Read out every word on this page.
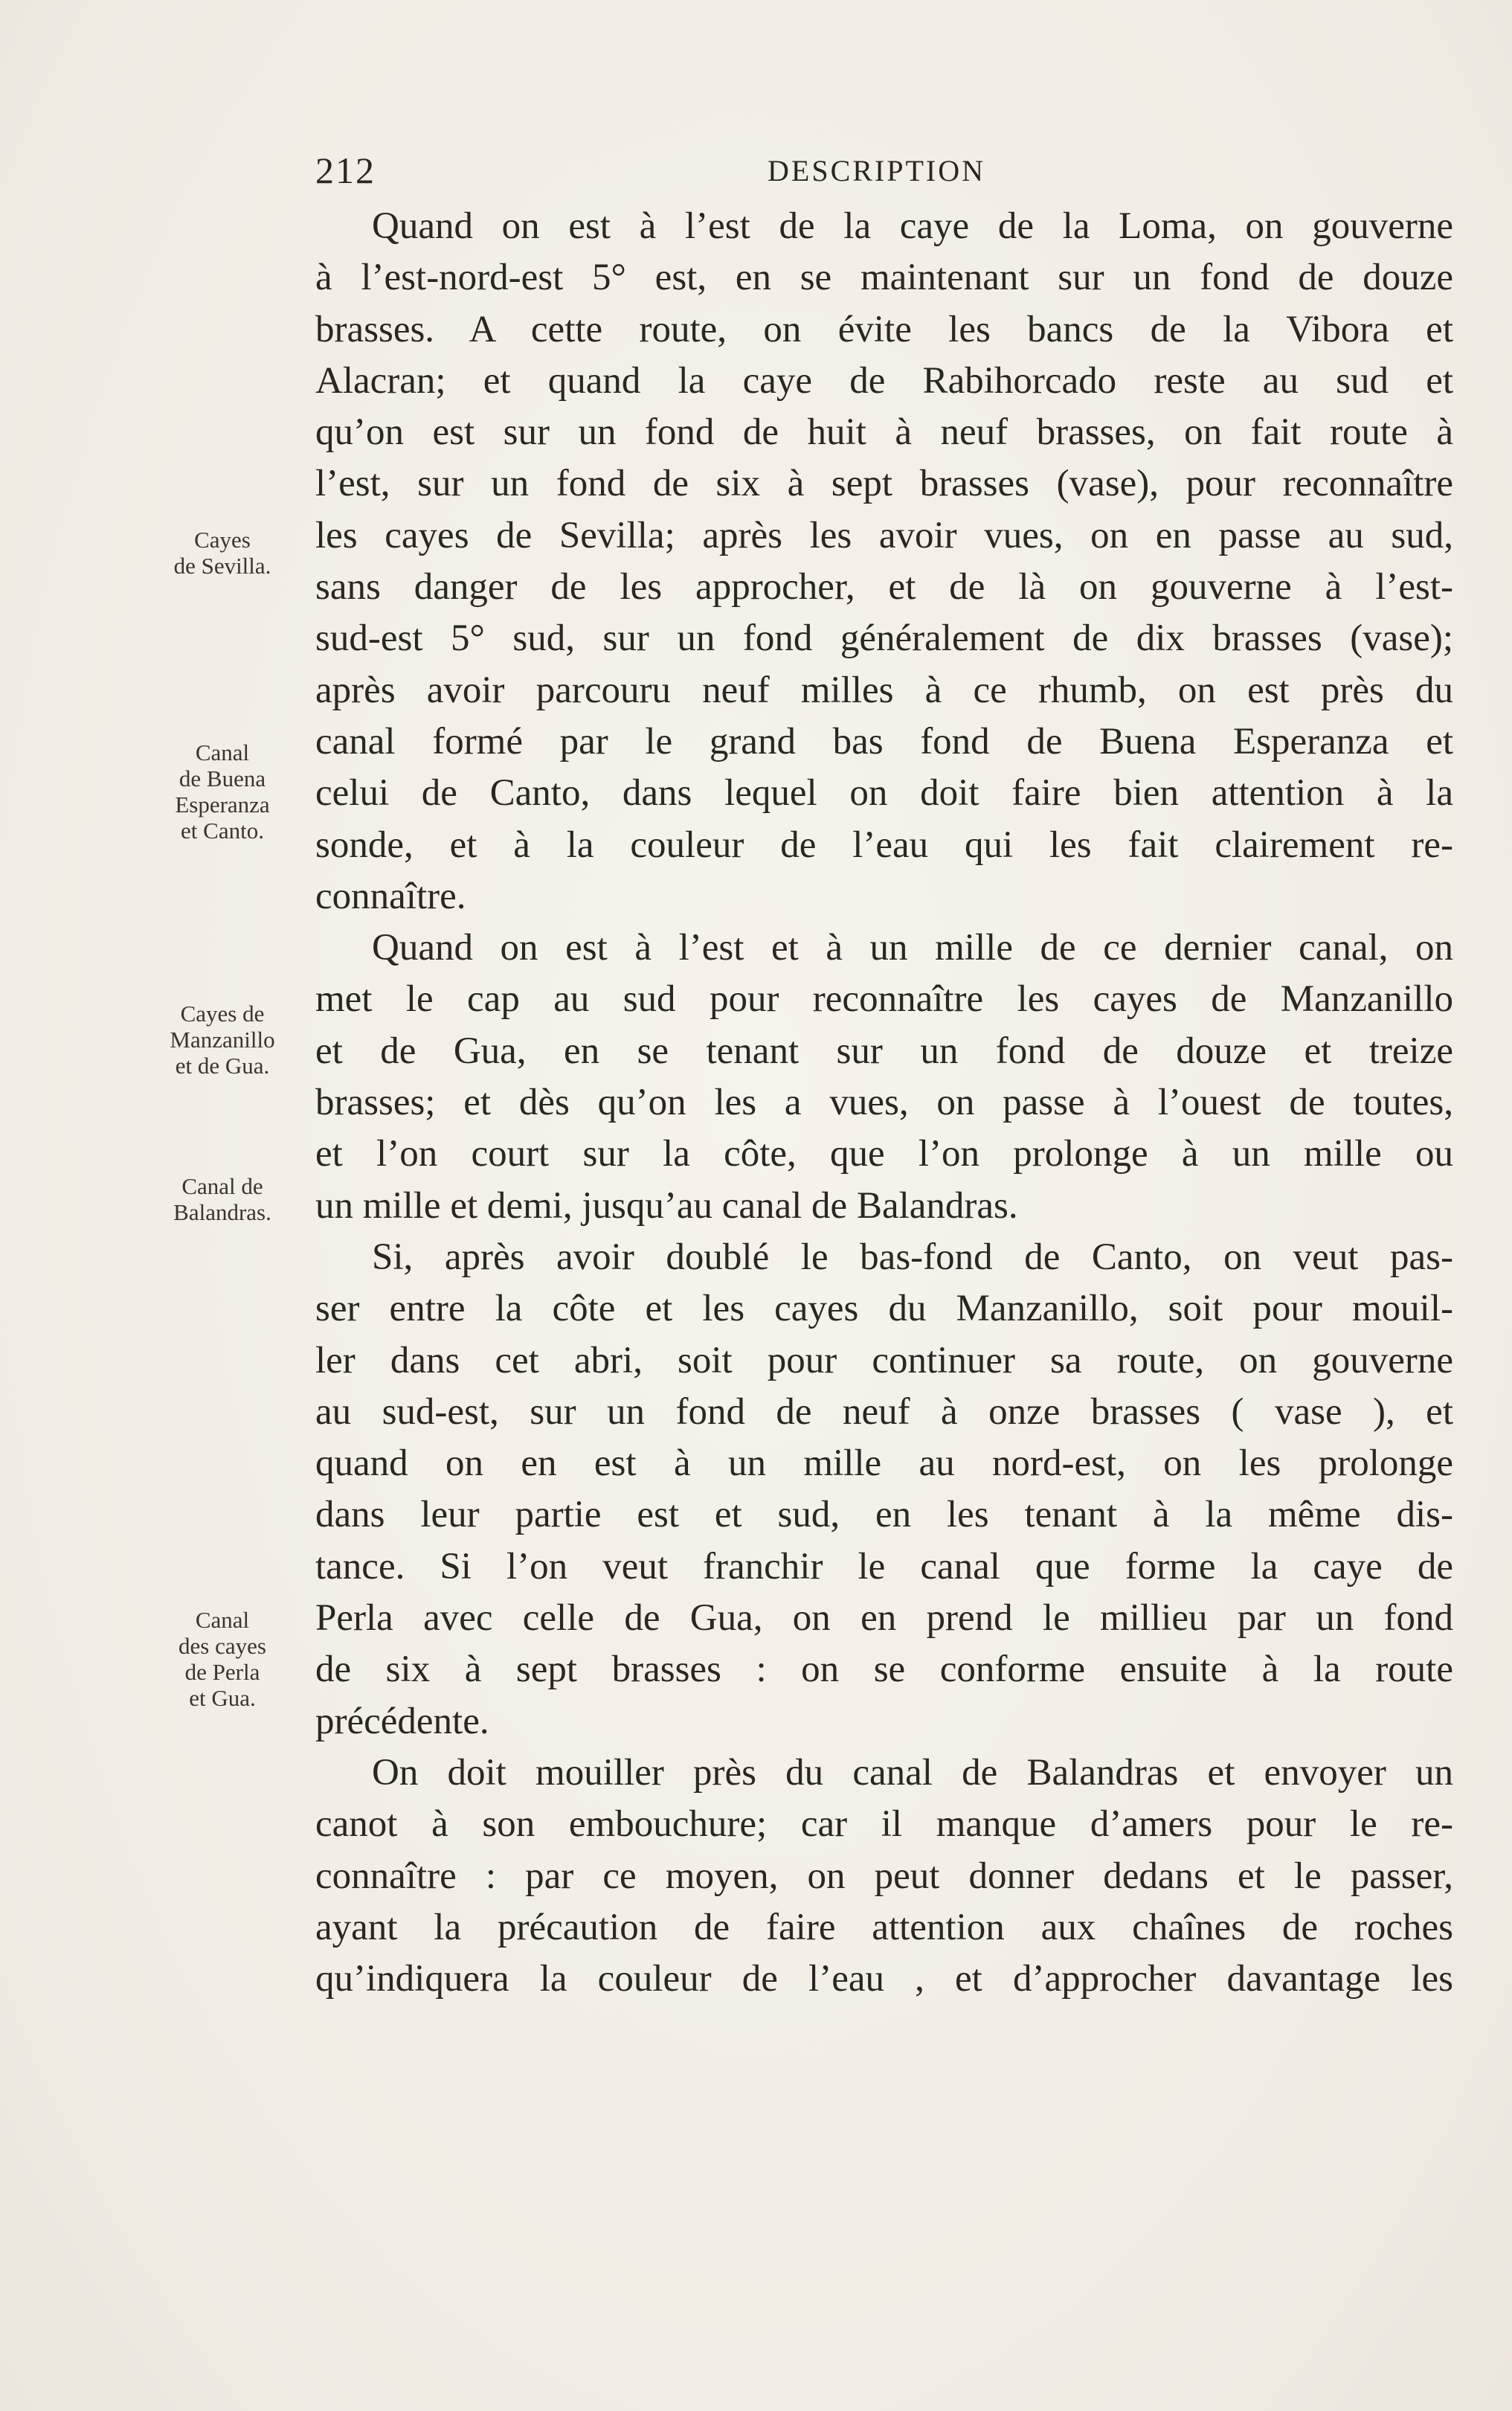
212	DESCRIPTION
Quand on est à l’est de la caye de la Loma, on gouverne
à l’est-nord-est 5° est, en se maintenant sur un fond de douze
brasses. A cette route, on évite les bancs de la Vibora et
Alacran; et quand la caye de Rabihorcado reste au sud et
qu’on est sur un fond de huit à neuf brasses, on fait route à
l’est, sur un fond de six à sept brasses (vase), pour reconnaître
les cayes de Sevilla; après les avoir vues, on en passe au sud,
sans danger de les approcher, et de là on gouverne à l’est-
sud-est 5° sud, sur un fond généralement de dix brasses (vase);
après avoir parcouru neuf milles à ce rhumb, on est près du
canal formé par le grand bas fond de Buena Esperanza et
celui de Canto, dans lequel on doit faire bien attention à la
sonde, et à la couleur de l’eau qui les fait clairement re-
connaître.
Quand on est à l’est et à un mille de ce dernier canal, on
met le cap au sud pour reconnaître les cayes de Manzanillo
et de Gua, en se tenant sur un fond de douze et treize
brasses; et dès qu’on les a vues, on passe à l’ouest de toutes,
et l’on court sur la côte, que l’on prolonge à un mille ou
un mille et demi, jusqu’au canal de Balandras.
Si, après avoir doublé le bas-fond de Canto, on veut pas-
ser entre la côte et les cayes du Manzanillo, soit pour mouil-
ler dans cet abri, soit pour continuer sa route, on gouverne
au sud-est, sur un fond de neuf à onze brasses ( vase ), et
quand on en est à un mille au nord-est, on les prolonge
dans leur partie est et sud, en les tenant à la même dis-
tance. Si l’on veut franchir le canal que forme la caye de
Perla avec celle de Gua, on en prend le millieu par un fond
de six à sept brasses : on se conforme ensuite à la route
précédente.
On doit mouiller près du canal de Balandras et envoyer un
canot à son embouchure; car il manque d’amers pour le re-
connaître : par ce moyen, on peut donner dedans et le passer,
ayant la précaution de faire attention aux chaînes de roches
qu’indiquera la couleur de l’eau , et d’approcher davantage les
Cayes
de Sevilla.
Canal
de Buena
Esperanza
et Canto.
Cayes de
Manzanillo
et de Gua.
Canal de
Balandras.
Canal
des cayes
de Perla
et Gua.
